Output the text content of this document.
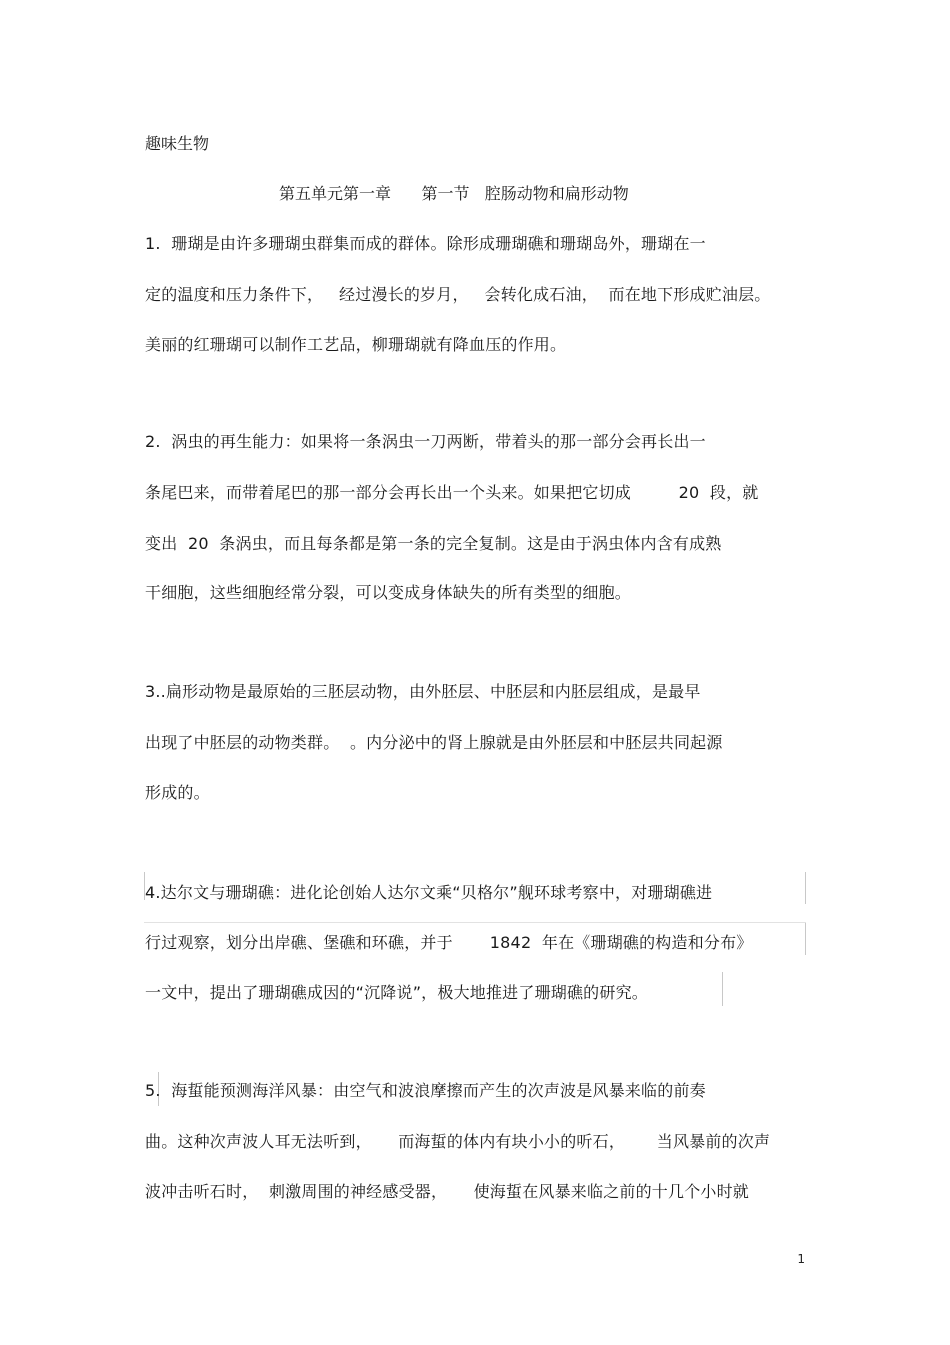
趣味生物
第五单元第一章      第一节   腔肠动物和扁形动物
1.  珊瑚是由许多珊瑚虫群集而成的群体。除形成珊瑚礁和珊瑚岛外，珊瑚在一
定的温度和压力条件下，   经过漫长的岁月，   会转化成石油，  而在地下形成贮油层。
美丽的红珊瑚可以制作工艺品，柳珊瑚就有降血压的作用。
2.  涡虫的再生能力：如果将一条涡虫一刀两断，带着头的那一部分会再长出一
条尾巴来，而带着尾巴的那一部分会再长出一个头来。如果把它切成         20  段，就
变出  20  条涡虫，而且每条都是第一条的完全复制。这是由于涡虫体内含有成熟
干细胞，这些细胞经常分裂，可以变成身体缺失的所有类型的细胞。
3..扁形动物是最原始的三胚层动物，由外胚层、中胚层和内胚层组成，是最早
出现了中胚层的动物类群。  。内分泌中的肾上腺就是由外胚层和中胚层共同起源
形成的。
4.达尔文与珊瑚礁：进化论创始人达尔文乘“贝格尔”舰环球考察中，对珊瑚礁进
行过观察，划分出岸礁、堡礁和环礁，并于       1842  年在《珊瑚礁的构造和分布》
一文中，提出了珊瑚礁成因的“沉降说”，极大地推进了珊瑚礁的研究。
5.  海蜇能预测海洋风暴：由空气和波浪摩擦而产生的次声波是风暴来临的前奏
曲。这种次声波人耳无法听到，     而海蜇的体内有块小小的听石，      当风暴前的次声
波冲击听石时，  刺激周围的神经感受器，     使海蜇在风暴来临之前的十几个小时就
1
